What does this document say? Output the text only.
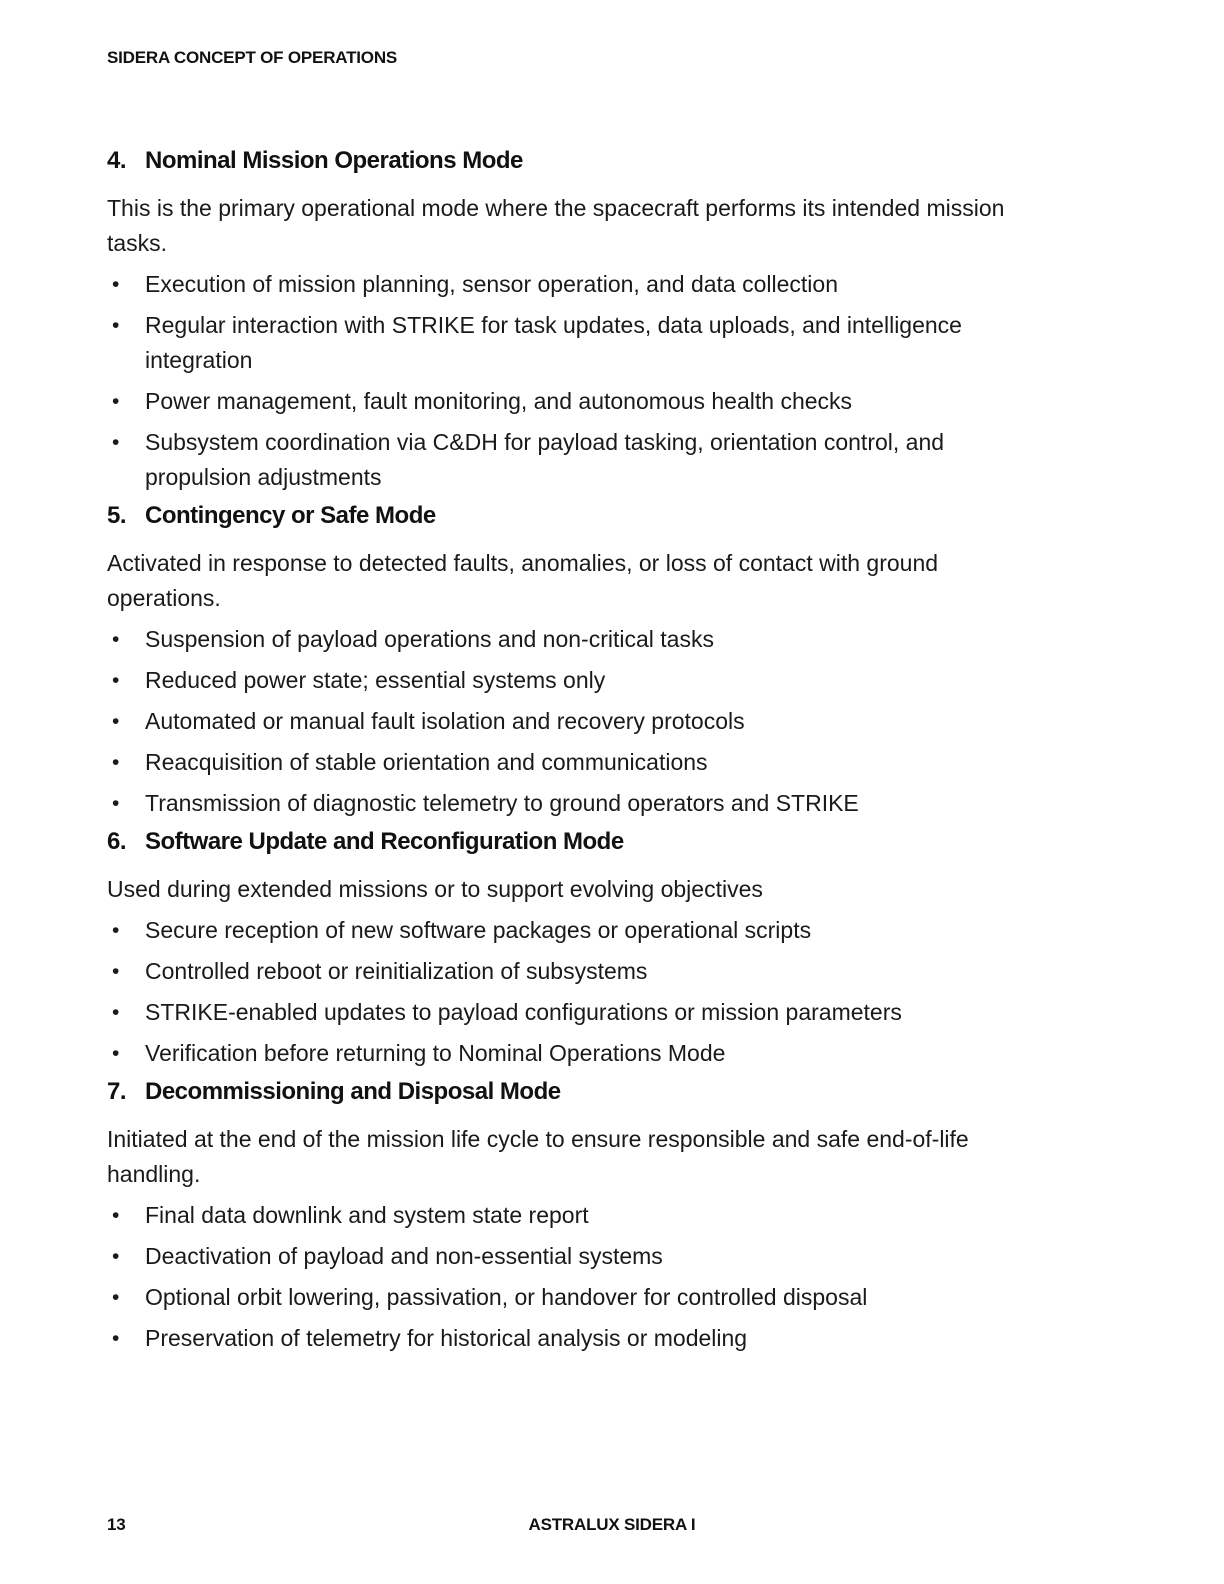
SIDERA CONCEPT OF OPERATIONS
4. Nominal Mission Operations Mode

This is the primary operational mode where the spacecraft performs its intended mission tasks.

•	Execution of mission planning, sensor operation, and data collection
•	Regular interaction with STRIKE for task updates, data uploads, and intelligence integration
•	Power management, fault monitoring, and autonomous health checks
•	Subsystem coordination via C&DH for payload tasking, orientation control, and propulsion adjustments
5. Contingency or Safe Mode

Activated in response to detected faults, anomalies, or loss of contact with ground operations.

•	Suspension of payload operations and non-critical tasks
•	Reduced power state; essential systems only
•	Automated or manual fault isolation and recovery protocols
•	Reacquisition of stable orientation and communications
•	Transmission of diagnostic telemetry to ground operators and STRIKE
6. Software Update and Reconfiguration Mode

Used during extended missions or to support evolving objectives

•	Secure reception of new software packages or operational scripts
•	Controlled reboot or reinitialization of subsystems
•	STRIKE-enabled updates to payload configurations or mission parameters
•	Verification before returning to Nominal Operations Mode
7. Decommissioning and Disposal Mode

Initiated at the end of the mission life cycle to ensure responsible and safe end-of-life handling.

•	Final data downlink and system state report
•	Deactivation of payload and non-essential systems
•	Optional orbit lowering, passivation, or handover for controlled disposal
•	Preservation of telemetry for historical analysis or modeling
13	ASTRALUX SIDERA I
